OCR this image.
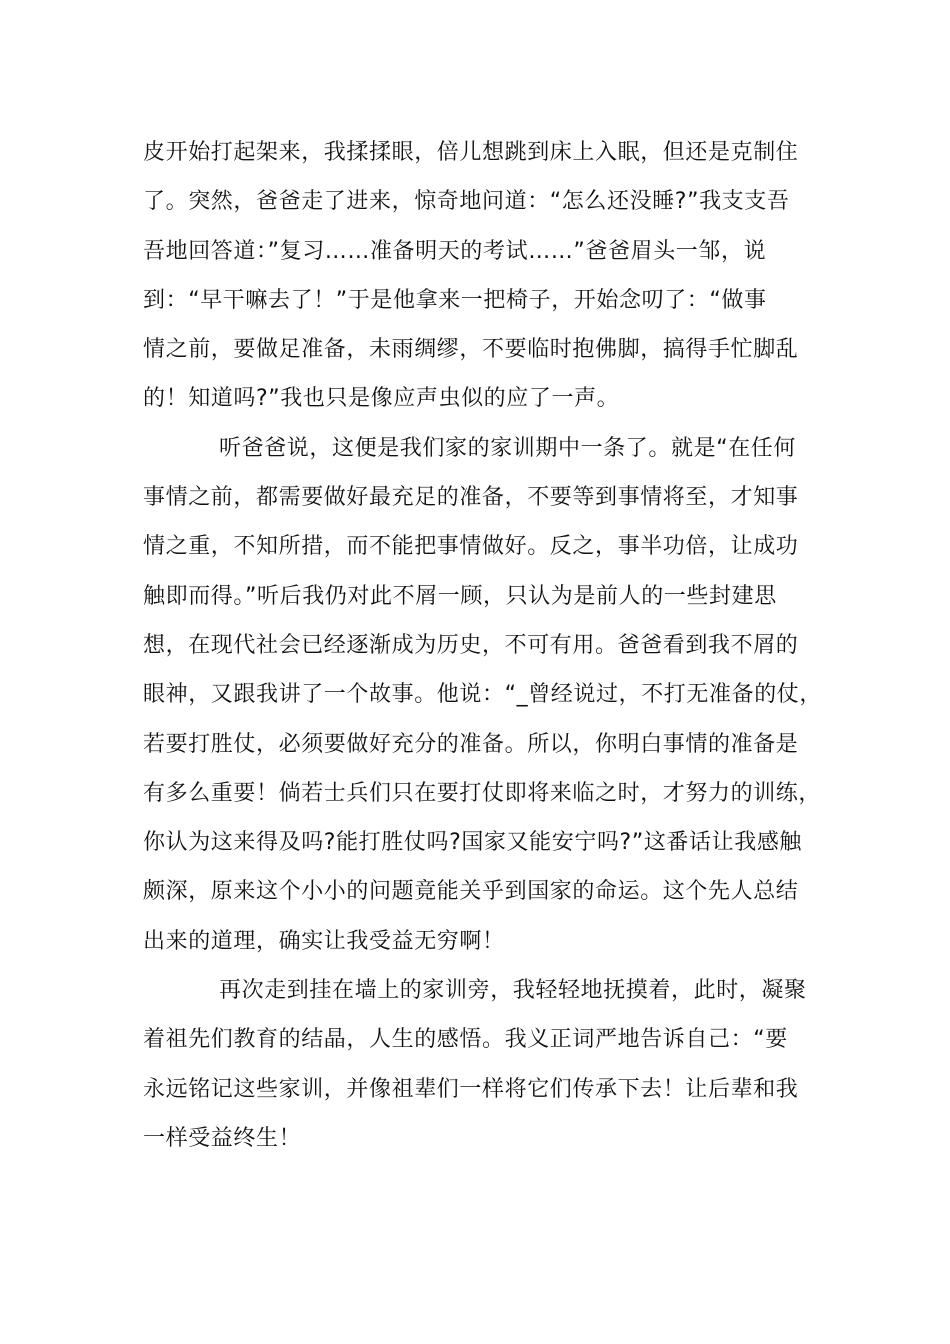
皮开始打起架来，我揉揉眼，倍儿想跳到床上入眠，但还是克制住
了。突然，爸爸走了进来，惊奇地问道：“怎么还没睡?”我支支吾
吾地回答道：”复习……准备明天的考试……”爸爸眉头一邹，说
到：“早干嘛去了！”于是他拿来一把椅子，开始念叨了：“做事
情之前，要做足准备，未雨绸缪，不要临时抱佛脚，搞得手忙脚乱
的！知道吗?”我也只是像应声虫似的应了一声。
听爸爸说，这便是我们家的家训期中一条了。就是“在任何
事情之前，都需要做好最充足的准备，不要等到事情将至，才知事
情之重，不知所措，而不能把事情做好。反之，事半功倍，让成功
触即而得。”听后我仍对此不屑一顾，只认为是前人的一些封建思
想，在现代社会已经逐渐成为历史，不可有用。爸爸看到我不屑的
眼神，又跟我讲了一个故事。他说：“_曾经说过，不打无准备的仗，
若要打胜仗，必须要做好充分的准备。所以，你明白事情的准备是
有多么重要！倘若士兵们只在要打仗即将来临之时，才努力的训练，
你认为这来得及吗?能打胜仗吗?国家又能安宁吗?”这番话让我感触
颇深，原来这个小小的问题竟能关乎到国家的命运。这个先人总结
出来的道理，确实让我受益无穷啊！
再次走到挂在墙上的家训旁，我轻轻地抚摸着，此时，凝聚
着祖先们教育的结晶，人生的感悟。我义正词严地告诉自己：“要
永远铭记这些家训，并像祖辈们一样将它们传承下去！让后辈和我
一样受益终生！
